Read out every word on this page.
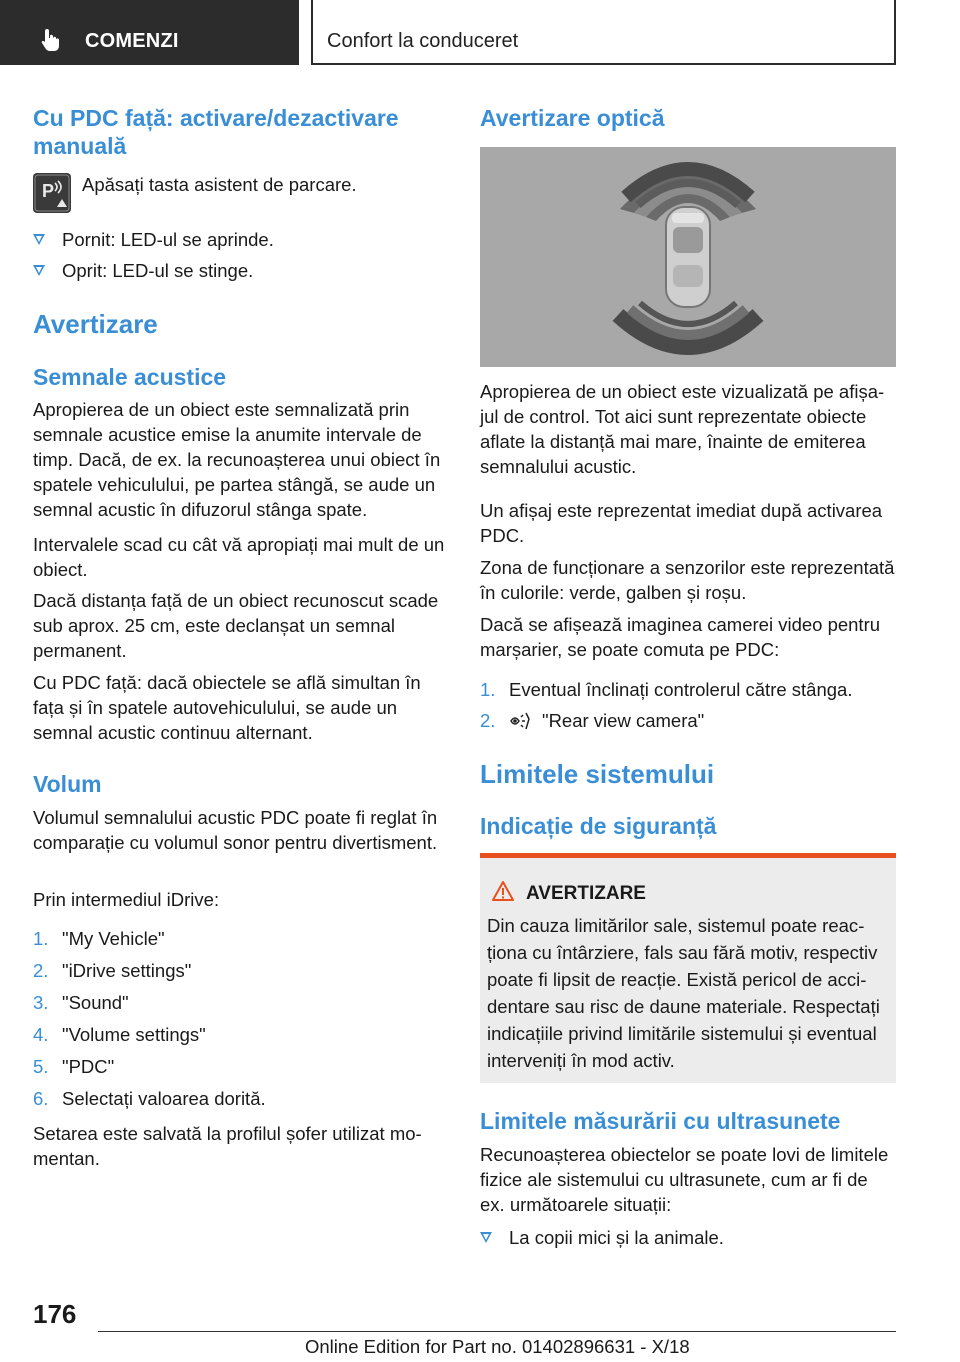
COMENZI	Confort la conduceret
Cu PDC față: activare/dezactivare manuală
P Apăsați tasta asistent de parcare.
Pornit: LED-ul se aprinde.
Oprit: LED-ul se stinge.
Avertizare
Semnale acustice
Apropierea de un obiect este semnalizată prin semnale acustice emise la anumite intervale de timp. Dacă, de ex. la recunoașterea unui obiect în spatele vehiculului, pe partea stângă, se aude un semnal acustic în difuzorul stânga spate.
Intervalele scad cu cât vă apropiați mai mult de un obiect.
Dacă distanța față de un obiect recunoscut scade sub aprox. 25 cm, este declanșat un semnal permanent.
Cu PDC față: dacă obiectele se află simultan în fața și în spatele autovehiculului, se aude un semnal acustic continuu alternant.
Volum
Volumul semnalului acustic PDC poate fi reglat în comparație cu volumul sonor pentru divertisment.
Prin intermediul iDrive:
1. "My Vehicle"
2. "iDrive settings"
3. "Sound"
4. "Volume settings"
5. "PDC"
6. Selectați valoarea dorită.
Setarea este salvată la profilul șofer utilizat momentan.
Avertizare optică
Apropierea de un obiect este vizualizată pe afișajul de control. Tot aici sunt reprezentate obiecte aflate la distanță mai mare, înainte de emiterea semnalului acustic.
Un afișaj este reprezentat imediat după activarea PDC.
Zona de funcționare a senzorilor este reprezentată în culorile: verde, galben și roșu.
Dacă se afișează imaginea camerei video pentru marșarier, se poate comuta pe PDC:
1. Eventual înclinați controlerul către stânga.
2.	"Rear view camera"
Limitele sistemului
Indicație de siguranță
AVERTIZARE
Din cauza limitărilor sale, sistemul poate reacționa cu întârziere, fals sau fără motiv, respectiv poate fi lipsit de reacție. Există pericol de accidentare sau risc de daune materiale. Respectați indicațiile privind limitările sistemului și eventual interveniți în mod activ.
Limitele măsurării cu ultrasunete
Recunoașterea obiectelor se poate lovi de limitele fizice ale sistemului cu ultrasunete, cum ar fi de ex. următoarele situații:
La copii mici și la animale.
176
Online Edition for Part no. 01402896631 - X/18
